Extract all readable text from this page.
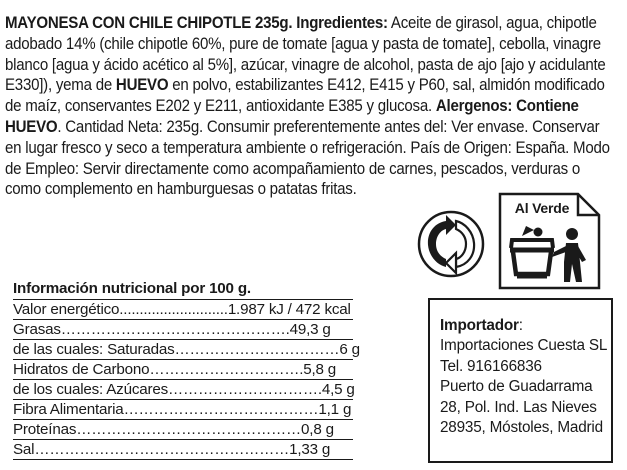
MAYONESA CON CHILE CHIPOTLE 235g. Ingredientes: Aceite de girasol, agua, chipotle adobado 14% (chile chipotle 60%, pure de tomate [agua y pasta de tomate], cebolla, vinagre blanco [agua y ácido acético al 5%], azúcar, vinagre de alcohol, pasta de ajo [ajo y acidulante E330]), yema de HUEVO en polvo, estabilizantes E412, E415 y P60, sal, almidón modificado de maíz, conservantes E202 y E211, antioxidante E385 y glucosa. Alergenos: Contiene HUEVO. Cantidad Neta: 235g. Consumir preferentemente antes del: Ver envase. Conservar en lugar fresco y seco a temperatura ambiente o refrigeración. País de Origen: España. Modo de Empleo: Servir directamente como acompañamiento de carnes, pescados, verduras o como complemento en hamburguesas o patatas fritas.
Al Verde
Información nutricional por 100 g.
Valor energético...........................1.987 kJ / 472 kcal
Grasas……………………………………….49,3 g
de las cuales: Saturadas……………………………6 g
Hidratos de Carbono………………………….5,8 g
de los cuales: Azúcares………………………….4,5 g
Fibra Alimentaria…………………………………1,1 g
Proteínas………………………………………0,8 g
Sal……………………………………………1,33 g
Importador:
Importaciones Cuesta SL
Tel. 916166836
Puerto de Guadarrama
28, Pol. Ind. Las Nieves
28935, Móstoles, Madrid
